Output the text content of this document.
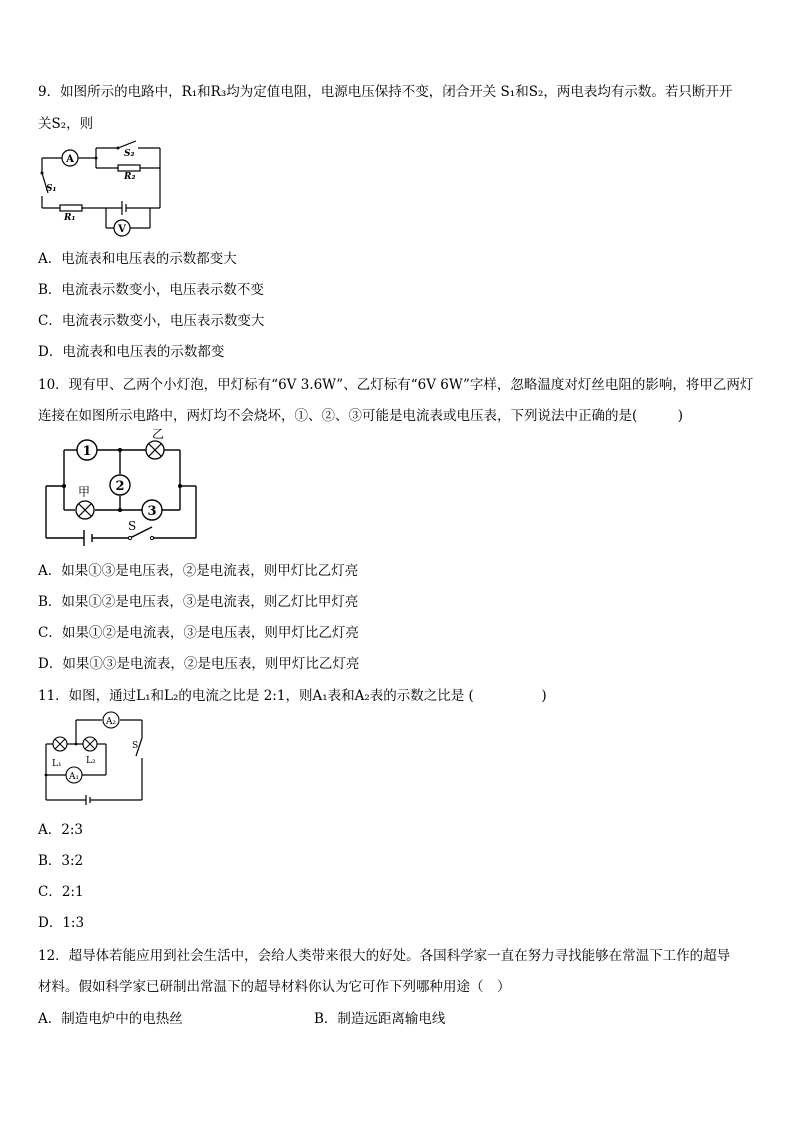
9．如图所示的电路中，R₁和R₃均为定值电阻，电源电压保持不变，闭合开关 S₁和S₂，两电表均有示数。若只断开开
关S₂，则
A
V
S₁
S₂
R₂
R₁
A．电流表和电压表的示数都变大
B．电流表示数变小，电压表示数不变
C．电流表示数变小，电压表示数变大
D．电流表和电压表的示数都变
10．现有甲、乙两个小灯泡，甲灯标有“6V 3.6W”、乙灯标有“6V 6W”字样，忽略温度对灯丝电阻的影响，将甲乙两灯
连接在如图所示电路中，两灯均不会烧坏，①、②、③可能是电流表或电压表，下列说法中正确的是(　　　)
1
2
3
乙
甲
S
A．如果①③是电压表，②是电流表，则甲灯比乙灯亮
B．如果①②是电压表，③是电流表，则乙灯比甲灯亮
C．如果①②是电流表，③是电压表，则甲灯比乙灯亮
D．如果①③是电流表，②是电压表，则甲灯比乙灯亮
11．如图，通过L₁和L₂的电流之比是 2:1，则A₁表和A₂表的示数之比是 (　　　　　)
A₂
A₁
L₁	L₂
S
A．2:3
B．3:2
C．2:1
D．1:3
12．超导体若能应用到社会生活中，会给人类带来很大的好处。各国科学家一直在努力寻找能够在常温下工作的超导
材料。假如科学家已研制出常温下的超导材料你认为它可作下列哪种用途（　）
A．制造电炉中的电热丝	B．制造远距离输电线
